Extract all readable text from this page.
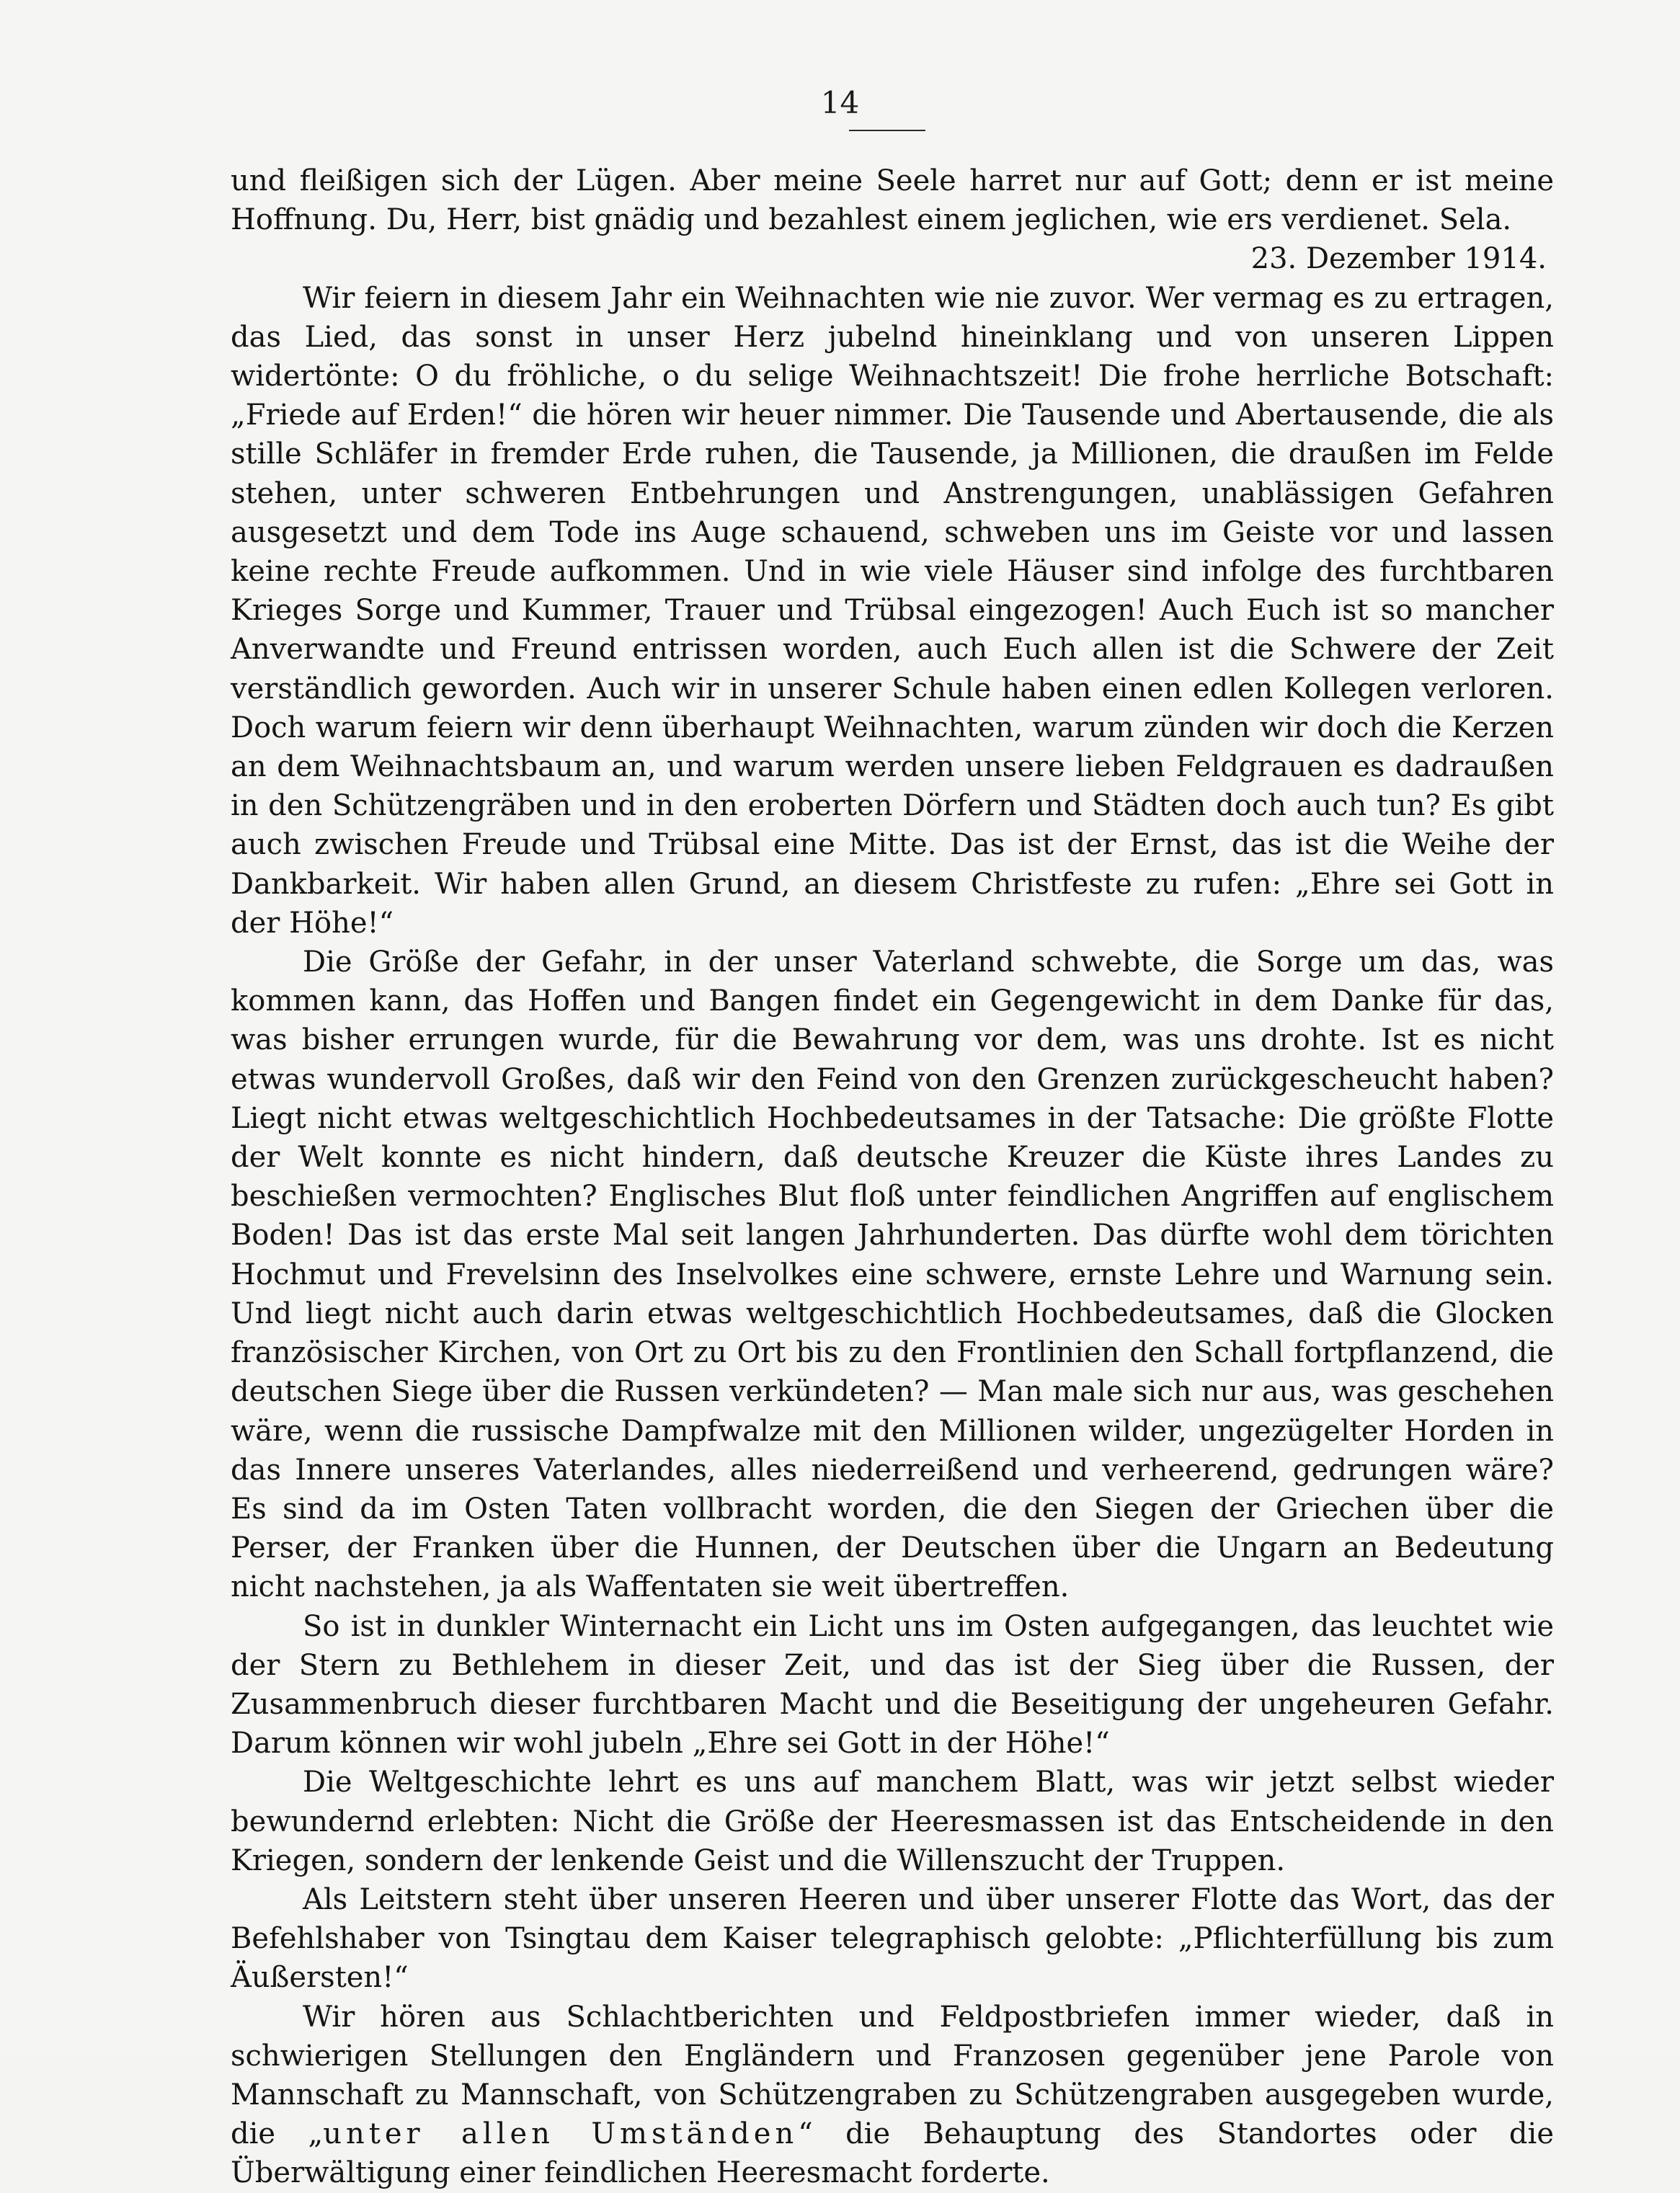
14

und fleißigen sich der Lügen. Aber meine Seele harret nur auf Gott; denn er ist meine Hoffnung. Du, Herr, bist gnädig und bezahlest einem jeglichen, wie ers verdienet. Sela.

23. Dezember 1914.

Wir feiern in diesem Jahr ein Weihnachten wie nie zuvor. Wer vermag es zu ertragen, das Lied, das sonst in unser Herz jubelnd hineinklang und von unseren Lippen widertönte: O du fröhliche, o du selige Weihnachtszeit! Die frohe herrliche Botschaft: „Friede auf Erden!“ die hören wir heuer nimmer. Die Tausende und Abertausende, die als stille Schläfer in fremder Erde ruhen, die Tausende, ja Millionen, die draußen im Felde stehen, unter schweren Entbehrungen und Anstrengungen, unablässigen Gefahren ausgesetzt und dem Tode ins Auge schauend, schweben uns im Geiste vor und lassen keine rechte Freude aufkommen. Und in wie viele Häuser sind infolge des furchtbaren Krieges Sorge und Kummer, Trauer und Trübsal eingezogen! Auch Euch ist so mancher Anverwandte und Freund entrissen worden, auch Euch allen ist die Schwere der Zeit verständlich geworden. Auch wir in unserer Schule haben einen edlen Kollegen verloren. Doch warum feiern wir denn überhaupt Weihnachten, warum zünden wir doch die Kerzen an dem Weihnachtsbaum an, und warum werden unsere lieben Feldgrauen es dadraußen in den Schützengräben und in den eroberten Dörfern und Städten doch auch tun? Es gibt auch zwischen Freude und Trübsal eine Mitte. Das ist der Ernst, das ist die Weihe der Dankbarkeit. Wir haben allen Grund, an diesem Christfeste zu rufen: „Ehre sei Gott in der Höhe!“

Die Größe der Gefahr, in der unser Vaterland schwebte, die Sorge um das, was kommen kann, das Hoffen und Bangen findet ein Gegengewicht in dem Danke für das, was bisher errungen wurde, für die Bewahrung vor dem, was uns drohte. Ist es nicht etwas wundervoll Großes, daß wir den Feind von den Grenzen zurückgescheucht haben? Liegt nicht etwas weltgeschichtlich Hochbedeutsames in der Tatsache: Die größte Flotte der Welt konnte es nicht hindern, daß deutsche Kreuzer die Küste ihres Landes zu beschießen vermochten? Englisches Blut floß unter feindlichen Angriffen auf englischem Boden! Das ist das erste Mal seit langen Jahrhunderten. Das dürfte wohl dem törichten Hochmut und Frevelsinn des Inselvolkes eine schwere, ernste Lehre und Warnung sein. Und liegt nicht auch darin etwas weltgeschichtlich Hochbedeutsames, daß die Glocken französischer Kirchen, von Ort zu Ort bis zu den Frontlinien den Schall fortpflanzend, die deutschen Siege über die Russen verkündeten? — Man male sich nur aus, was geschehen wäre, wenn die russische Dampfwalze mit den Millionen wilder, ungezügelter Horden in das Innere unseres Vaterlandes, alles niederreißend und verheerend, gedrungen wäre? Es sind da im Osten Taten vollbracht worden, die den Siegen der Griechen über die Perser, der Franken über die Hunnen, der Deutschen über die Ungarn an Bedeutung nicht nachstehen, ja als Waffentaten sie weit übertreffen.

So ist in dunkler Winternacht ein Licht uns im Osten aufgegangen, das leuchtet wie der Stern zu Bethlehem in dieser Zeit, und das ist der Sieg über die Russen, der Zusammenbruch dieser furchtbaren Macht und die Beseitigung der ungeheuren Gefahr. Darum können wir wohl jubeln „Ehre sei Gott in der Höhe!“

Die Weltgeschichte lehrt es uns auf manchem Blatt, was wir jetzt selbst wieder bewundernd erlebten: Nicht die Größe der Heeresmassen ist das Entscheidende in den Kriegen, sondern der lenkende Geist und die Willenszucht der Truppen.

Als Leitstern steht über unseren Heeren und über unserer Flotte das Wort, das der Befehlshaber von Tsingtau dem Kaiser telegraphisch gelobte: „Pflichterfüllung bis zum Äußersten!“

Wir hören aus Schlachtberichten und Feldpostbriefen immer wieder, daß in schwierigen Stellungen den Engländern und Franzosen gegenüber jene Parole von Mannschaft zu Mannschaft, von Schützengraben zu Schützengraben ausgegeben wurde, die „unter allen Umständen“ die Behauptung des Standortes oder die Überwältigung einer feindlichen Heeresmacht forderte.
